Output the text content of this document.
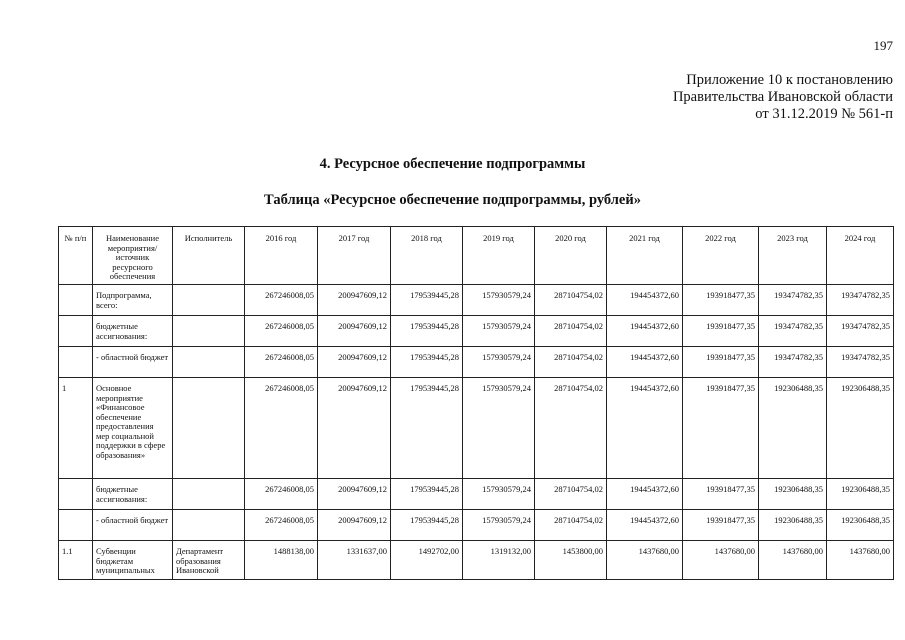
197
Приложение 10 к постановлению
Правительства Ивановской области
от 31.12.2019 № 561-п
4. Ресурсное обеспечение подпрограммы
Таблица «Ресурсное обеспечение подпрограммы, рублей»
№ п/п	Наименование мероприятия/источник ресурсного обеспечения	Исполнитель	2016 год	2017 год	2018 год	2019 год	2020 год	2021 год	2022 год	2023 год	2024 год
	Подпрограмма, всего:		267246008,05	200947609,12	179539445,28	157930579,24	287104754,02	194454372,60	193918477,35	193474782,35	193474782,35
	бюджетные ассигнования:		267246008,05	200947609,12	179539445,28	157930579,24	287104754,02	194454372,60	193918477,35	193474782,35	193474782,35
	- областной бюджет		267246008,05	200947609,12	179539445,28	157930579,24	287104754,02	194454372,60	193918477,35	193474782,35	193474782,35
1	Основное мероприятие «Финансовое обеспечение предоставления мер социальной поддержки в сфере образования»		267246008,05	200947609,12	179539445,28	157930579,24	287104754,02	194454372,60	193918477,35	192306488,35	192306488,35
	бюджетные ассигнования:		267246008,05	200947609,12	179539445,28	157930579,24	287104754,02	194454372,60	193918477,35	192306488,35	192306488,35
	- областной бюджет		267246008,05	200947609,12	179539445,28	157930579,24	287104754,02	194454372,60	193918477,35	192306488,35	192306488,35
1.1	Субвенции бюджетам муниципальных	Департамент образования Ивановской	1488138,00	1331637,00	1492702,00	1319132,00	1453800,00	1437680,00	1437680,00	1437680,00	1437680,00
